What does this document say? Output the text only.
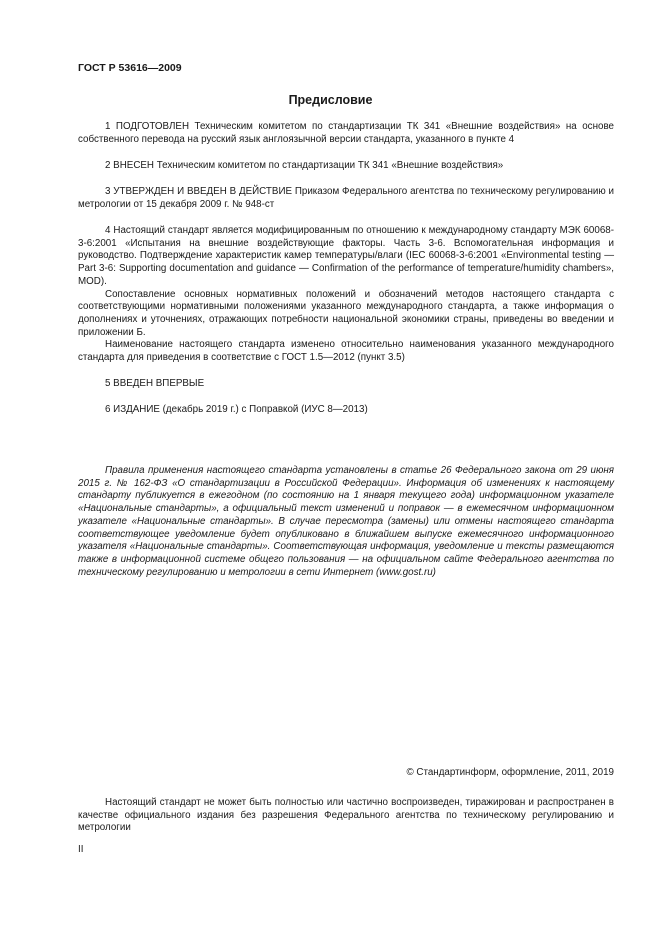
ГОСТ Р 53616—2009
Предисловие

1 ПОДГОТОВЛЕН Техническим комитетом по стандартизации ТК 341 «Внешние воздействия» на основе собственного перевода на русский язык англоязычной версии стандарта, указанного в пункте 4

2 ВНЕСЕН Техническим комитетом по стандартизации ТК 341 «Внешние воздействия»

3 УТВЕРЖДЕН И ВВЕДЕН В ДЕЙСТВИЕ Приказом Федерального агентства по техническому регулированию и метрологии от 15 декабря 2009 г. № 948-ст

4 Настоящий стандарт является модифицированным по отношению к международному стандарту МЭК 60068-3-6:2001 «Испытания на внешние воздействующие факторы. Часть 3-6. Вспомогательная информация и руководство. Подтверждение характеристик камер температуры/влаги (IEC 60068-3-6:2001 «Environmental testing — Part 3-6: Supporting documentation and guidance — Confirmation of the performance of temperature/humidity chambers», MOD).

Сопоставление основных нормативных положений и обозначений методов настоящего стандарта с соответствующими нормативными положениями указанного международного стандарта, а также информация о дополнениях и уточнениях, отражающих потребности национальной экономики страны, приведены во введении и приложении Б.

Наименование настоящего стандарта изменено относительно наименования указанного международного стандарта для приведения в соответствие с ГОСТ 1.5—2012 (пункт 3.5)

5 ВВЕДЕН ВПЕРВЫЕ

6 ИЗДАНИЕ (декабрь 2019 г.) с Поправкой (ИУС 8—2013)

Правила применения настоящего стандарта установлены в статье 26 Федерального закона от 29 июня 2015 г. № 162-ФЗ «О стандартизации в Российской Федерации». Информация об изменениях к настоящему стандарту публикуется в ежегодном (по состоянию на 1 января текущего года) информационном указателе «Национальные стандарты», а официальный текст изменений и поправок — в ежемесячном информационном указателе «Национальные стандарты». В случае пересмотра (замены) или отмены настоящего стандарта соответствующее уведомление будет опубликовано в ближайшем выпуске ежемесячного информационного указателя «Национальные стандарты». Соответствующая информация, уведомление и тексты размещаются также в информационной системе общего пользования — на официальном сайте Федерального агентства по техническому регулированию и метрологии в сети Интернет (www.gost.ru)

© Стандартинформ, оформление, 2011, 2019

Настоящий стандарт не может быть полностью или частично воспроизведен, тиражирован и распространен в качестве официального издания без разрешения Федерального агентства по техническому регулированию и метрологии

II
